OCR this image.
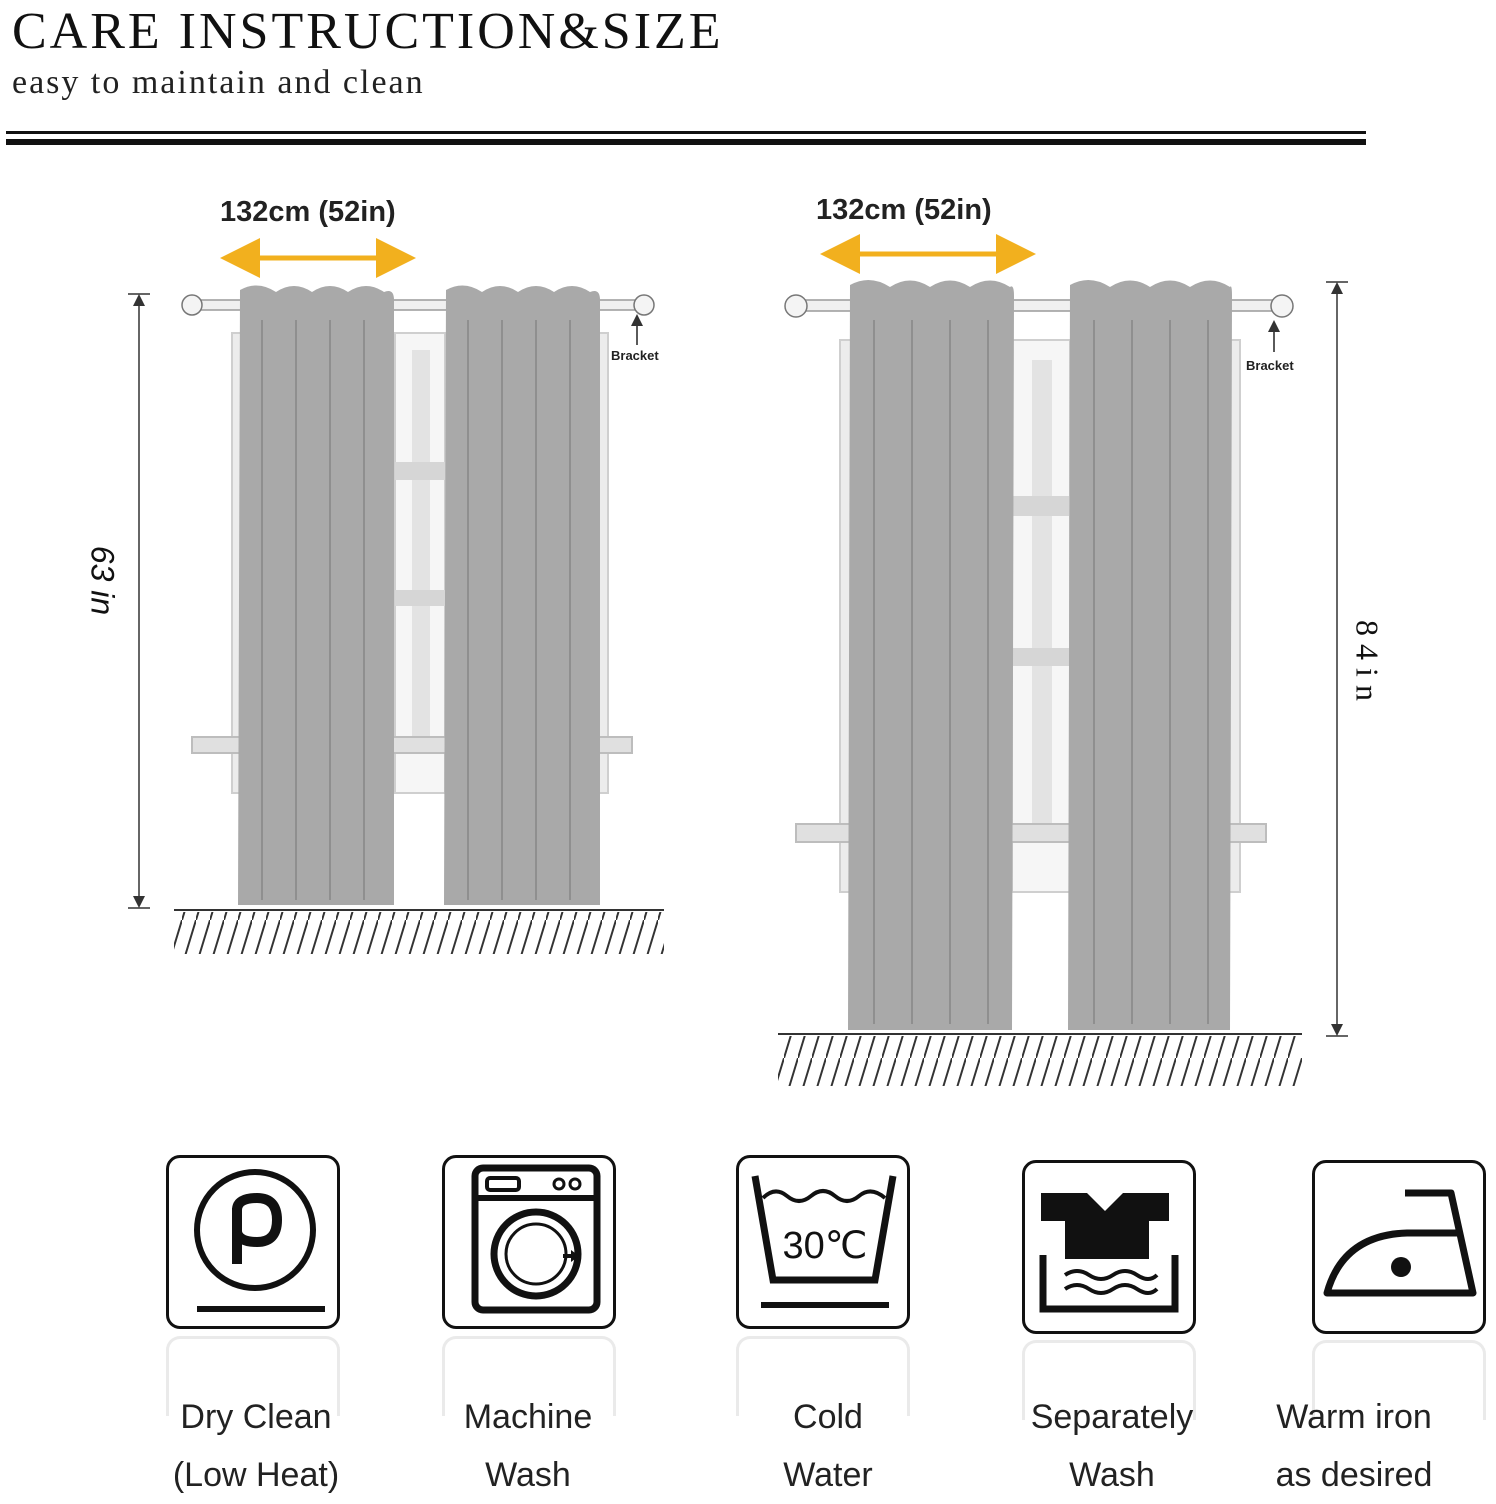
CARE INSTRUCTION&SIZE

easy to maintain and clean

132cm (52in)	132cm (52in)
Bracket
Bracket
63 in
84in
30℃
Dry Clean
(Low Heat)
Machine
Wash
Cold
Water
Separately
Wash
Warm iron
as desired
